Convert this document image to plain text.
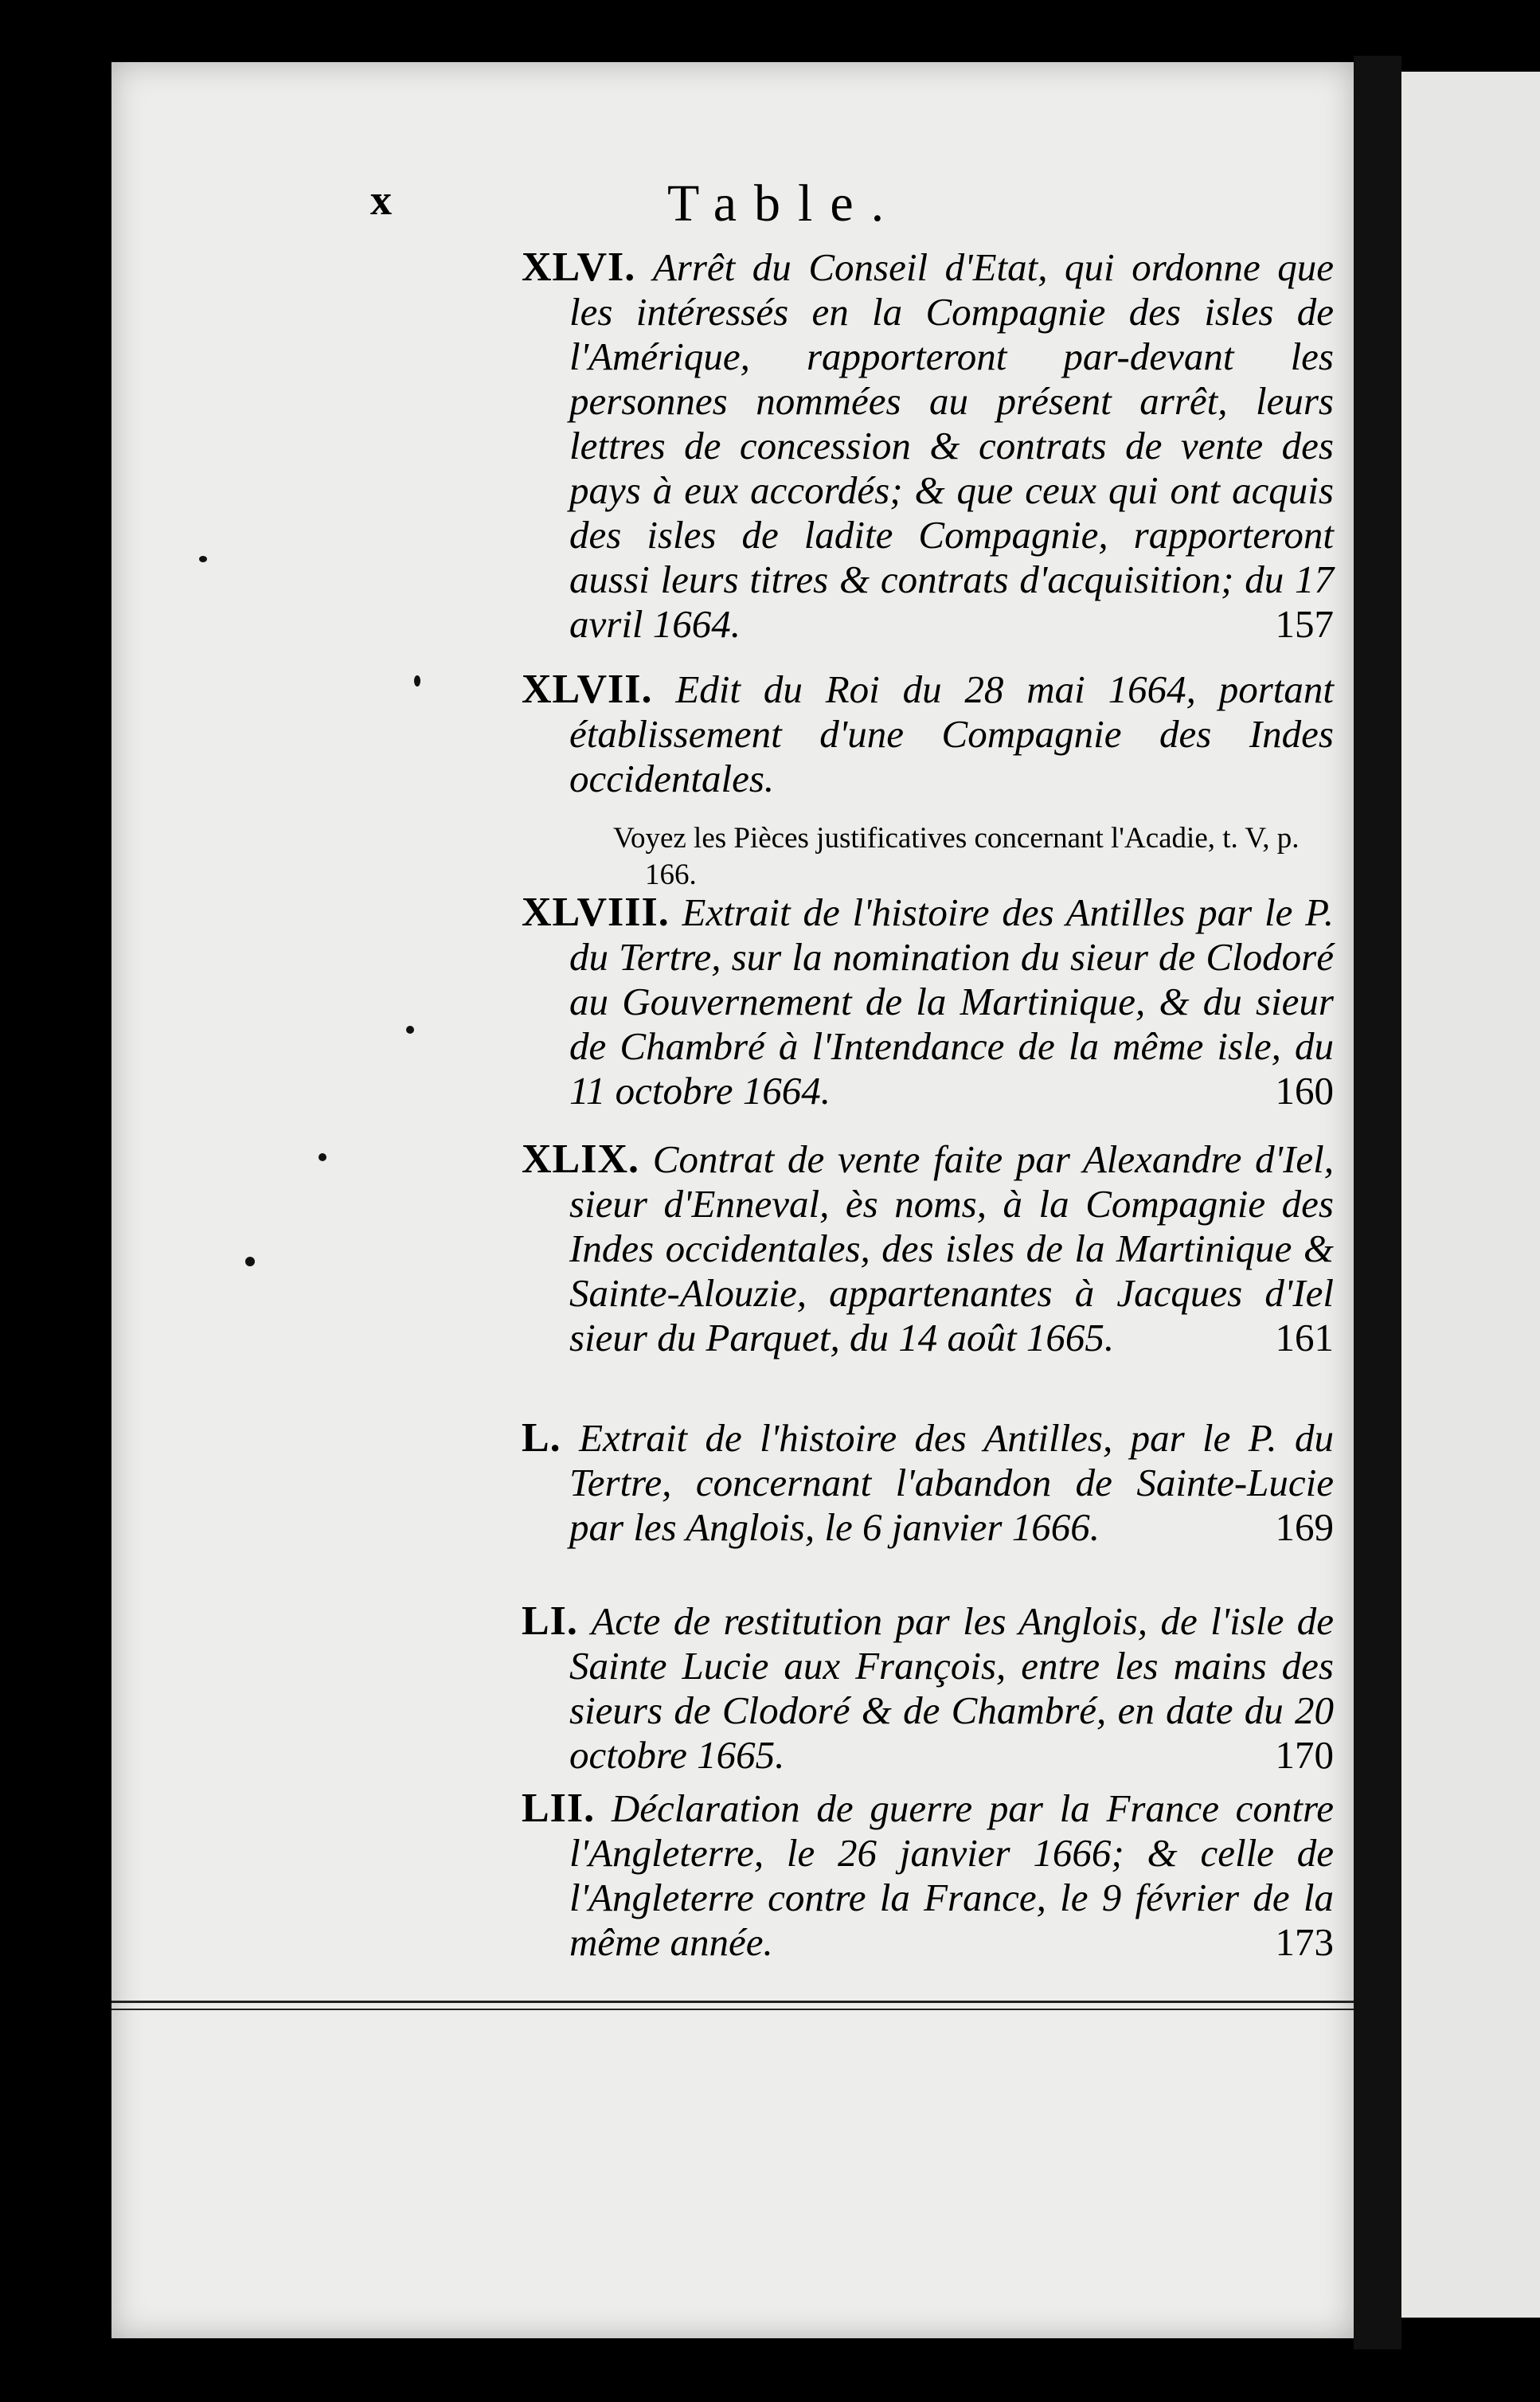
x	Table.
XLVI. Arrêt du Conseil d'Etat, qui ordonne que les intéressés en la Compagnie des isles de l'Amérique, rapporteront par-devant les personnes nommées au présent arrêt, leurs lettres de concession & contrats de vente des pays à eux accordés; & que ceux qui ont acquis des isles de ladite Compagnie, rapporteront aussi leurs titres & contrats d'acquisition; du 17 avril 1664.	157
XLVII. Edit du Roi du 28 mai 1664, portant établissement d'une Compagnie des Indes occidentales.
Voyez les Pièces justificatives concernant l'Acadie, t. V, p. 166.
XLVIII. Extrait de l'histoire des Antilles par le P. du Tertre, sur la nomination du sieur de Clodoré au Gouvernement de la Martinique, & du sieur de Chambré à l'Intendance de la même isle, du 11 octobre 1664.	160
XLIX. Contrat de vente faite par Alexandre d'Iel, sieur d'Enneval, ès noms, à la Compagnie des Indes occidentales, des isles de la Martinique & Sainte-Alouzie, appartenantes à Jacques d'Iel sieur du Parquet, du 14 août 1665.	161
L. Extrait de l'histoire des Antilles, par le P. du Tertre, concernant l'abandon de Sainte-Lucie par les Anglois, le 6 janvier 1666.	169
LI. Acte de restitution par les Anglois, de l'isle de Sainte Lucie aux François, entre les mains des sieurs de Clodoré & de Chambré, en date du 20 octobre 1665.	170
LII. Déclaration de guerre par la France contre l'Angleterre, le 26 janvier 1666; & celle de l'Angleterre contre la France, le 9 février de la même année.	173
